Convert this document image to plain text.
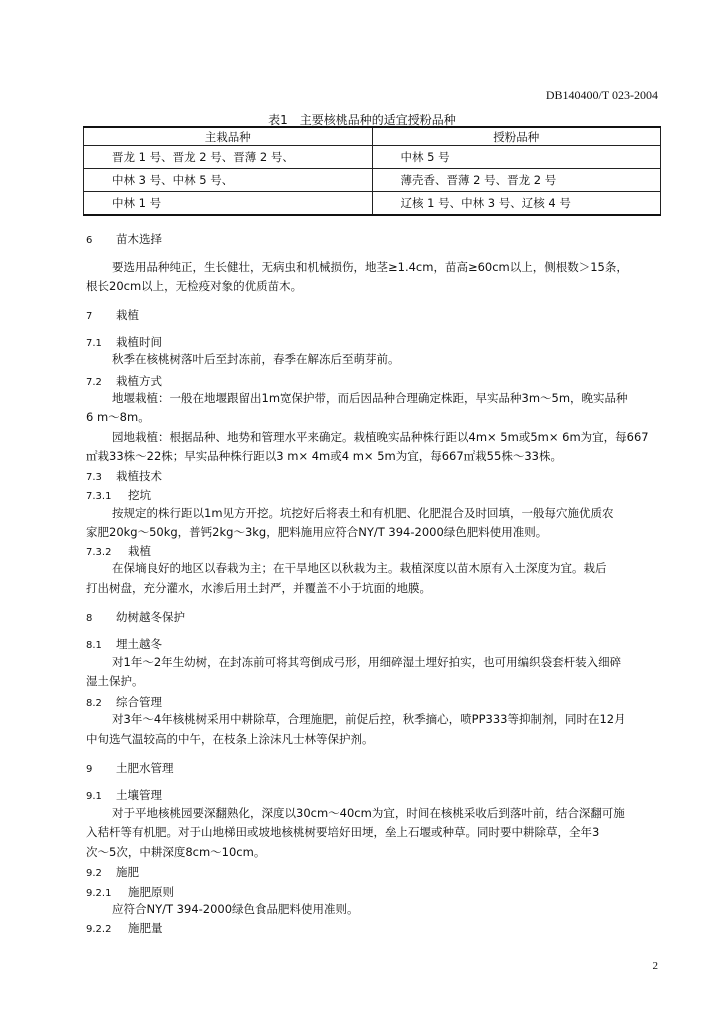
DB140400/T 023-2004
表1　主要核桃品种的适宜授粉品种
主栽品种	授粉品种
晋龙 1 号、晋龙 2 号、晋薄 2 号、	中林 5 号
中林 3 号、中林 5 号、	薄壳香、晋薄 2 号、晋龙 2 号
中林 1 号	辽核 1 号、中林 3 号、辽核 4 号
6 苗木选择
要选用品种纯正，生长健壮，无病虫和机械损伤，地茎≥1.4cm，苗高≥60cm以上，侧根数＞15条，
根长20cm以上，无检疫对象的优质苗木。
7 栽植
7.1 栽植时间
秋季在核桃树落叶后至封冻前，春季在解冻后至萌芽前。
7.2 栽植方式
地堰栽植：一般在地堰跟留出1m宽保护带，而后因品种合理确定株距，早实品种3m～5m，晚实品种
6 m～8m。
园地栽植：根据品种、地势和管理水平来确定。栽植晚实品种株行距以4m× 5m或5m× 6m为宜，每667
㎡栽33株～22株；早实品种株行距以3 m× 4m或4 m× 5m为宜，每667㎡栽55株～33株。
7.3 栽植技术
7.3.1 挖坑
按规定的株行距以1m见方开挖。坑挖好后将表土和有机肥、化肥混合及时回填，一般每穴施优质农
家肥20kg～50kg，普钙2kg～3kg，肥料施用应符合NY/T 394-2000绿色肥料使用准则。
7.3.2 栽植
在保墒良好的地区以春栽为主；在干旱地区以秋栽为主。栽植深度以苗木原有入土深度为宜。栽后
打出树盘，充分灌水，水渗后用土封严，并覆盖不小于坑面的地膜。
8 幼树越冬保护
8.1 埋土越冬
对1年～2年生幼树，在封冻前可将其弯倒成弓形，用细碎湿土埋好拍实，也可用编织袋套杆装入细碎
湿土保护。
8.2 综合管理
对3年～4年核桃树采用中耕除草，合理施肥，前促后控，秋季摘心，喷PP333等抑制剂，同时在12月
中旬选气温较高的中午，在枝条上涂沫凡士林等保护剂。
9 土肥水管理
9.1 土壤管理
对于平地核桃园要深翻熟化，深度以30cm～40cm为宜，时间在核桃采收后到落叶前，结合深翻可施
入秸杆等有机肥。对于山地梯田或坡地核桃树要培好田埂，垒上石堰或种草。同时要中耕除草，全年3
次～5次，中耕深度8cm～10cm。
9.2 施肥
9.2.1 施肥原则
应符合NY/T 394-2000绿色食品肥料使用准则。
9.2.2 施肥量
2
